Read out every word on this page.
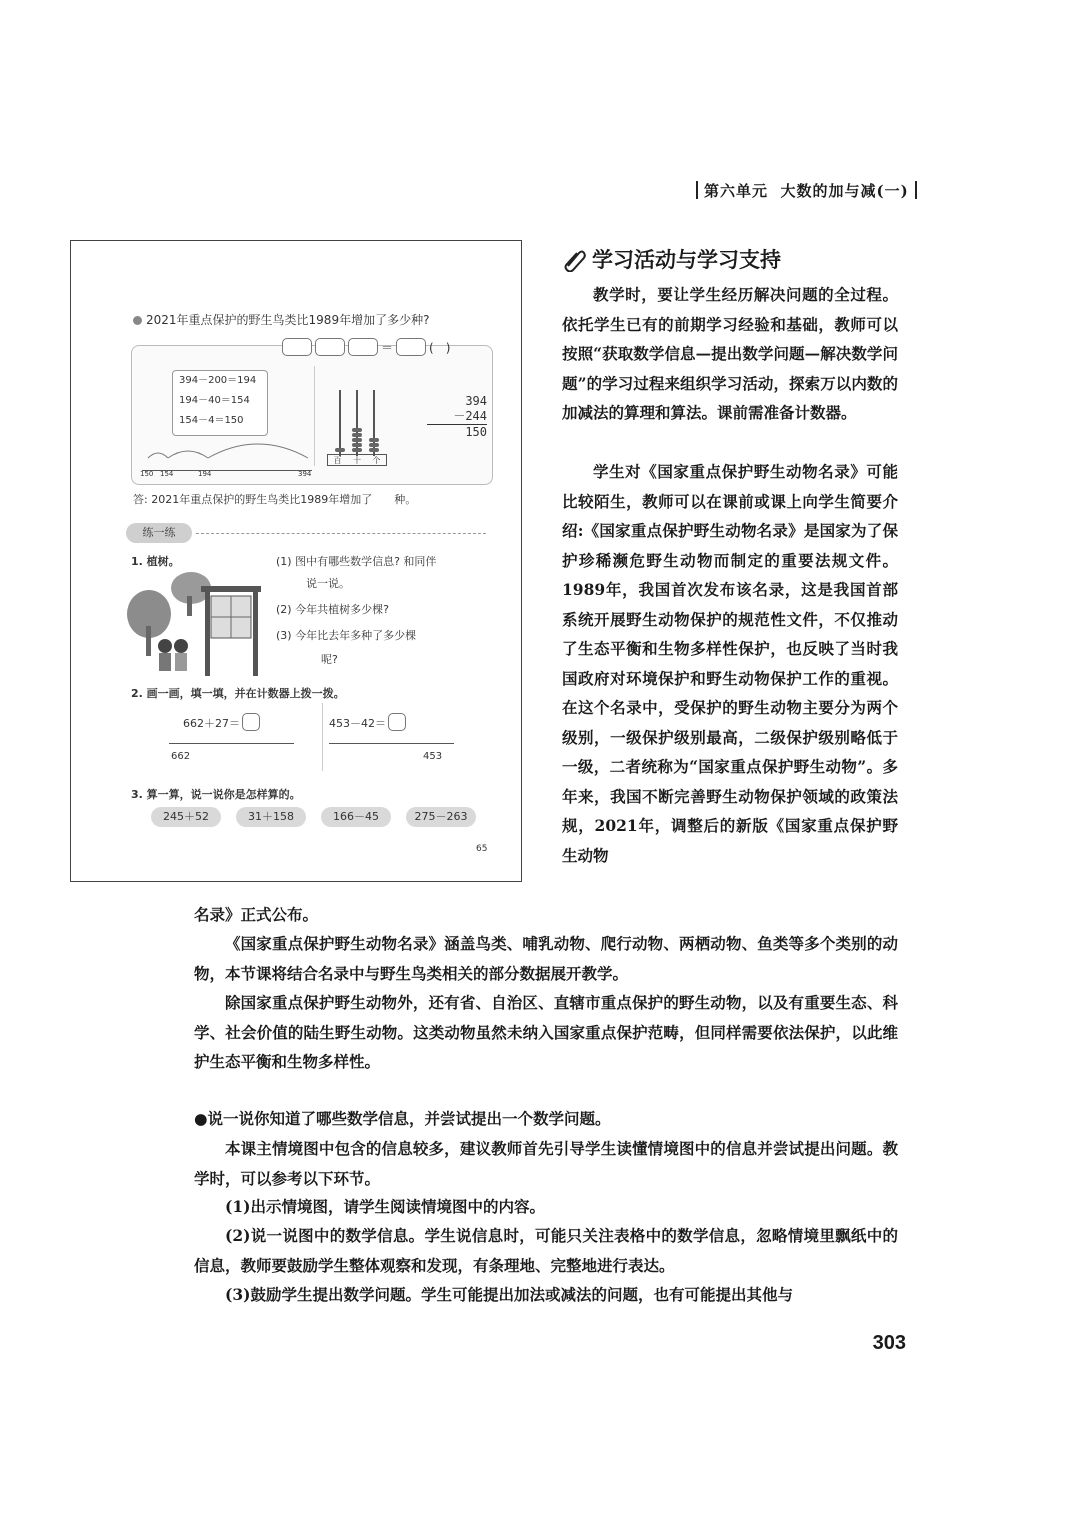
第六单元 大数的加与减(一)
2021年重点保护的野生鸟类比1989年增加了多少种?
＝	(　)
394－200＝194
194－40＝154
154－4＝150
150 154	194	394
百 十 个
394
－244
150
答: 2021年重点保护的野生鸟类比1989年增加了　　种。
练一练
1. 植树。	(1) 图中有哪些数学信息? 和同伴
说一说。
(2) 今年共植树多少棵?
(3) 今年比去年多种了多少棵
呢?
2. 画一画，填一填，并在计数器上拨一拨。
662＋27＝	453－42＝
662	453
3. 算一算，说一说你是怎样算的。
245＋52	31＋158	166－45	275－263
65
学习活动与学习支持

教学时，要让学生经历解决问题的全过程。依托学生已有的前期学习经验和基础，教师可以按照“获取数学信息—提出数学问题—解决数学问题”的学习过程来组织学习活动，探索万以内数的加减法的算理和算法。课前需准备计数器。

学生对《国家重点保护野生动物名录》可能比较陌生，教师可以在课前或课上向学生简要介绍:《国家重点保护野生动物名录》是国家为了保护珍稀濒危野生动物而制定的重要法规文件。1989年，我国首次发布该名录，这是我国首部系统开展野生动物保护的规范性文件，不仅推动了生态平衡和生物多样性保护，也反映了当时我国政府对环境保护和野生动物保护工作的重视。在这个名录中，受保护的野生动物主要分为两个级别，一级保护级别最高，二级保护级别略低于一级，二者统称为“国家重点保护野生动物”。多年来，我国不断完善野生动物保护领域的政策法规，2021年，调整后的新版《国家重点保护野生动物

名录》正式公布。

《国家重点保护野生动物名录》涵盖鸟类、哺乳动物、爬行动物、两栖动物、鱼类等多个类别的动物，本节课将结合名录中与野生鸟类相关的部分数据展开教学。

除国家重点保护野生动物外，还有省、自治区、直辖市重点保护的野生动物，以及有重要生态、科学、社会价值的陆生野生动物。这类动物虽然未纳入国家重点保护范畴，但同样需要依法保护，以此维护生态平衡和生物多样性。

●说一说你知道了哪些数学信息，并尝试提出一个数学问题。

本课主情境图中包含的信息较多，建议教师首先引导学生读懂情境图中的信息并尝试提出问题。教学时，可以参考以下环节。

(1)出示情境图，请学生阅读情境图中的内容。

(2)说一说图中的数学信息。学生说信息时，可能只关注表格中的数学信息，忽略情境里飘纸中的信息，教师要鼓励学生整体观察和发现，有条理地、完整地进行表达。

(3)鼓励学生提出数学问题。学生可能提出加法或减法的问题，也有可能提出其他与

303
